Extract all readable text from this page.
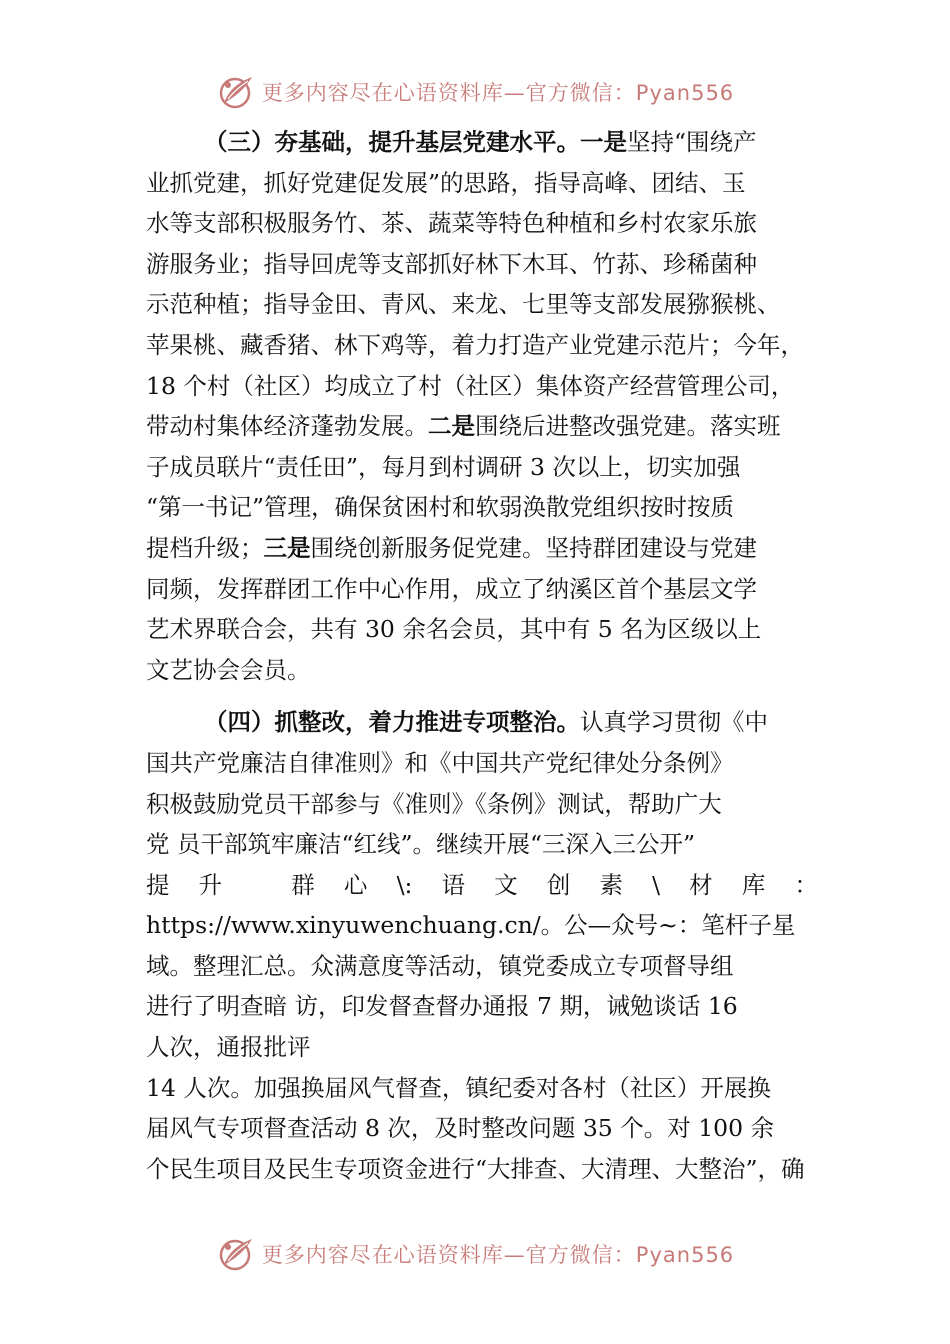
更多内容尽在心语资料库—官方微信：Pyan556
（三）夯基础，提升基层党建水平。一是坚持“围绕产
业抓党建，抓好党建促发展”的思路，指导高峰、团结、玉
水等支部积极服务竹、茶、蔬菜等特色种植和乡村农家乐旅
游服务业；指导回虎等支部抓好林下木耳、竹荪、珍稀菌种
示范种植；指导金田、青风、来龙、七里等支部发展猕猴桃、
苹果桃、藏香猪、林下鸡等，着力打造产业党建示范片；今年，
18 个村（社区）均成立了村（社区）集体资产经营管理公司，
带动村集体经济蓬勃发展。二是围绕后进整改强党建。落实班
子成员联片“责任田”，每月到村调研 3 次以上，切实加强
“第一书记”管理，确保贫困村和软弱涣散党组织按时按质
提档升级；三是围绕创新服务促党建。坚持群团建设与党建
同频，发挥群团工作中心作用，成立了纳溪区首个基层文学
艺术界联合会，共有 30 余名会员，其中有 5 名为区级以上
文艺协会会员。
（四）抓整改，着力推进专项整治。认真学习贯彻《中
国共产党廉洁自律准则》和《中国共产党纪律处分条例》
积极鼓励党员干部参与《准则》《条例》测试，帮助广大
党 员干部筑牢廉洁“红线”。继续开展“三深入三公开”
提 升	群 心 \: 语 文 创 素 \ 材 库 ：
https://www.xinyuwenchuang.cn/。公—众号~：笔杆子星
域。整理汇总。众满意度等活动，镇党委成立专项督导组
进行了明查暗 访，印发督查督办通报 7 期，诫勉谈话 16
人次，通报批评
14 人次。加强换届风气督查，镇纪委对各村（社区）开展换
届风气专项督查活动 8 次，及时整改问题 35 个。对 100 余
个民生项目及民生专项资金进行“大排查、大清理、大整治”，确
更多内容尽在心语资料库—官方微信：Pyan556
